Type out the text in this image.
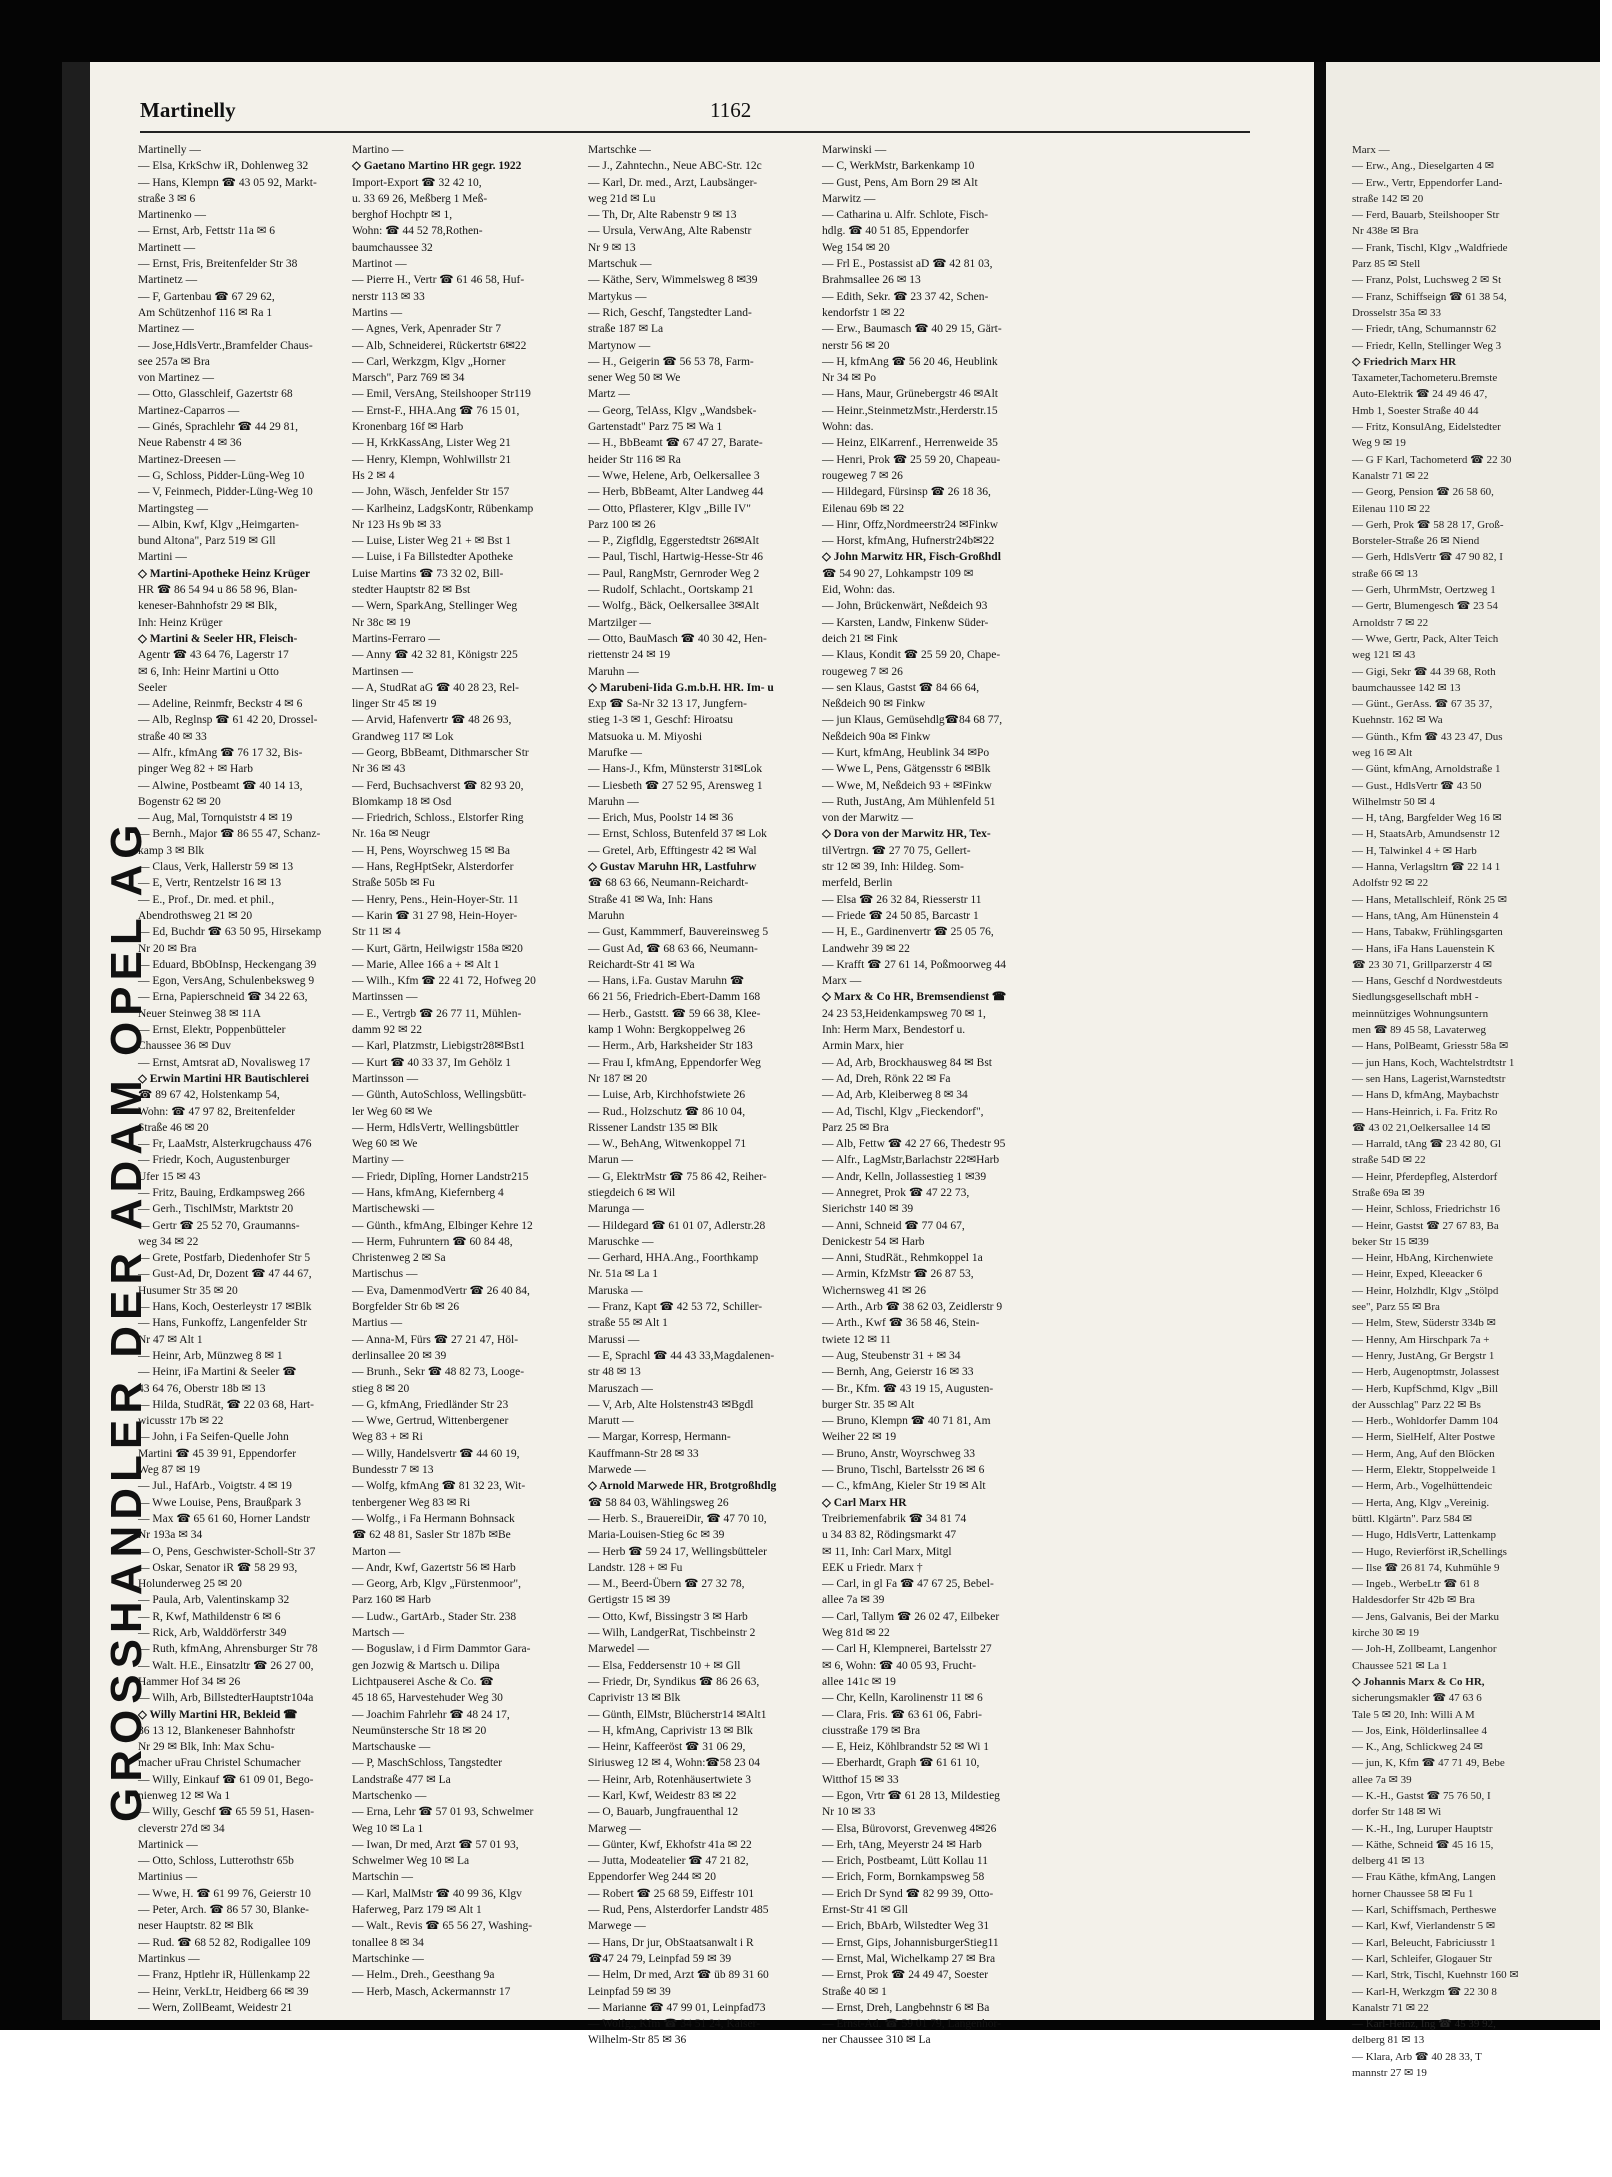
GROSSHANDLER DER ADAM OPEL AG
Martinelly	1162
Martinelly —
— Elsa, KrkSchw iR, Dohlenweg 32
— Hans, Klempn ☎ 43 05 92, Markt-
straße 3 ✉ 6
Martinenko —
— Ernst, Arb, Fettstr 11a ✉ 6
Martinett —
— Ernst, Fris, Breitenfelder Str 38
Martinetz —
— F, Gartenbau ☎ 67 29 62,
Am Schützenhof 116 ✉ Ra 1
Martinez —
— Jose,HdlsVertr.,Bramfelder Chaus-
see 257a ✉ Bra
von Martinez —
— Otto, Glasschleif, Gazertstr 68
Martinez-Caparros —
— Ginés, Sprachlehr ☎ 44 29 81,
Neue Rabenstr 4 ✉ 36
Martinez-Dreesen —
— G, Schloss, Pidder-Lüng-Weg 10
— V, Feinmech, Pidder-Lüng-Weg 10
Martingsteg —
— Albin, Kwf, Klgv „Heimgarten-
bund Altona", Parz 519 ✉ Gll
Martini —
◇ Martini-Apotheke Heinz Krüger
HR ☎ 86 54 94 u 86 58 96, Blan-
keneser-Bahnhofstr 29 ✉ Blk,
Inh: Heinz Krüger
◇ Martini & Seeler HR, Fleisch-
Agentr ☎ 43 64 76, Lagerstr 17
✉ 6, Inh: Heinr Martini u Otto
Seeler
— Adeline, Reinmfr, Beckstr 4 ✉ 6
— Alb, Reglnsp ☎ 61 42 20, Drossel-
straße 40 ✉ 33
— Alfr., kfmAng ☎ 76 17 32, Bis-
pinger Weg 82 + ✉ Harb
— Alwine, Postbeamt ☎ 40 14 13,
Bogenstr 62 ✉ 20
— Aug, Mal, Tornquiststr 4 ✉ 19
— Bernh., Major ☎ 86 55 47, Schanz-
kamp 3 ✉ Blk
— Claus, Verk, Hallerstr 59 ✉ 13
— E, Vertr, Rentzelstr 16 ✉ 13
— E., Prof., Dr. med. et phil.,
Abendrothsweg 21 ✉ 20
— Ed, Buchdr ☎ 63 50 95, Hirsekamp
Nr 20 ✉ Bra
— Eduard, BbObInsp, Heckengang 39
— Egon, VersAng, Schulenbeksweg 9
— Erna, Papierschneid ☎ 34 22 63,
Neuer Steinweg 38 ✉ 11A
— Ernst, Elektr, Poppenbütteler
Chaussee 36 ✉ Duv
— Ernst, Amtsrat aD, Novalisweg 17
◇ Erwin Martini HR Bautischlerei
☎ 89 67 42, Holstenkamp 54,
Wohn: ☎ 47 97 82, Breitenfelder
Straße 46 ✉ 20
— Fr, LaaMstr, Alsterkrugchauss 476
— Friedr, Koch, Augustenburger
Ufer 15 ✉ 43
— Fritz, Bauing, Erdkampsweg 266
— Gerh., TischlMstr, Marktstr 20
— Gertr ☎ 25 52 70, Graumanns-
weg 34 ✉ 22
— Grete, Postfarb, Diedenhofer Str 5
— Gust-Ad, Dr, Dozent ☎ 47 44 67,
Husumer Str 35 ✉ 20
— Hans, Koch, Oesterleystr 17 ✉Blk
— Hans, Funkoffz, Langenfelder Str
Nr 47 ✉ Alt 1
— Heinr, Arb, Münzweg 8 ✉ 1
— Heinr, iFa Martini & Seeler ☎
43 64 76, Oberstr 18b ✉ 13
— Hilda, StudRät, ☎ 22 03 68, Hart-
wicusstr 17b ✉ 22
— John, i Fa Seifen-Quelle John
Martini ☎ 45 39 91, Eppendorfer
Weg 87 ✉ 19
— Jul., HafArb., Voigtstr. 4 ✉ 19
— Wwe Louise, Pens, Braußpark 3
— Max ☎ 65 61 60, Horner Landstr
Nr 193a ✉ 34
— O, Pens, Geschwister-Scholl-Str 37
— Oskar, Senator iR ☎ 58 29 93,
Holunderweg 25 ✉ 20
— Paula, Arb, Valentinskamp 32
— R, Kwf, Mathildenstr 6 ✉ 6
— Rick, Arb, Walddörferstr 349
— Ruth, kfmAng, Ahrensburger Str 78
— Walt. H.E., Einsatzltr ☎ 26 27 00,
Hammer Hof 34 ✉ 26
— Wilh, Arb, BillstedterHauptstr104a
◇ Willy Martini HR, Bekleid ☎
86 13 12, Blankeneser Bahnhofstr
Nr 29 ✉ Blk, Inh: Max Schu-
macher uFrau Christel Schumacher
— Willy, Einkauf ☎ 61 09 01, Bego-
nienweg 12 ✉ Wa 1
— Willy, Geschf ☎ 65 59 51, Hasen-
cleverstr 27d ✉ 34
Martinick —
— Otto, Schloss, Lutterothstr 65b
Martinius —
— Wwe, H. ☎ 61 99 76, Geierstr 10
— Peter, Arch. ☎ 86 57 30, Blanke-
neser Hauptstr. 82 ✉ Blk
— Rud. ☎ 68 52 82, Rodigallee 109
Martinkus —
— Franz, Hptlehr iR, Hüllenkamp 22
— Heinr, VerkLtr, Heidberg 66 ✉ 39
— Wern, ZollBeamt, Weidestr 21
Martino —
◇ Gaetano Martino HR gegr. 1922
Import-Export ☎ 32 42 10,
u. 33 69 26, Meßberg 1 Meß-
berghof Hochptr ✉ 1,
Wohn: ☎ 44 52 78,Rothen-
baumchaussee 32
Martinot —
— Pierre H., Vertr ☎ 61 46 58, Huf-
nerstr 113 ✉ 33
Martins —
— Agnes, Verk, Apenrader Str 7
— Alb, Schneiderei, Rückertstr 6✉22
— Carl, Werkzgm, Klgv „Horner
Marsch", Parz 769 ✉ 34
— Emil, VersAng, Steilshooper Str119
— Ernst-F., HHA.Ang ☎ 76 15 01,
Kronenbarg 16f ✉ Harb
— H, KrkKassAng, Lister Weg 21
— Henry, Klempn, Wohlwillstr 21
Hs 2 ✉ 4
— John, Wäsch, Jenfelder Str 157
— Karlheinz, LadgsKontr, Rübenkamp
Nr 123 Hs 9b ✉ 33
— Luise, Lister Weg 21 + ✉ Bst 1
— Luise, i Fa Billstedter Apotheke
Luise Martins ☎ 73 32 02, Bill-
stedter Hauptstr 82 ✉ Bst
— Wern, SparkAng, Stellinger Weg
Nr 38c ✉ 19
Martins-Ferraro —
— Anny ☎ 42 32 81, Königstr 225
Martinsen —
— A, StudRat aG ☎ 40 28 23, Rel-
linger Str 45 ✉ 19
— Arvid, Hafenvertr ☎ 48 26 93,
Grandweg 117 ✉ Lok
— Georg, BbBeamt, Dithmarscher Str
Nr 36 ✉ 43
— Ferd, Buchsachverst ☎ 82 93 20,
Blomkamp 18 ✉ Osd
— Friedrich, Schloss., Elstorfer Ring
Nr. 16a ✉ Neugr
— H, Pens, Woyrschweg 15 ✉ Ba
— Hans, RegHptSekr, Alsterdorfer
Straße 505b ✉ Fu
— Henry, Pens., Hein-Hoyer-Str. 11
— Karin ☎ 31 27 98, Hein-Hoyer-
Str 11 ✉ 4
— Kurt, Gärtn, Heilwigstr 158a ✉20
— Marie, Allee 166 a + ✉ Alt 1
— Wilh., Kfm ☎ 22 41 72, Hofweg 20
Martinssen —
— E., Vertrgb ☎ 26 77 11, Mühlen-
damm 92 ✉ 22
— Karl, Platzmstr, Liebigstr28✉Bst1
— Kurt ☎ 40 33 37, Im Gehölz 1
Martinsson —
— Günth, AutoSchloss, Wellingsbütt-
ler Weg 60 ✉ We
— Herm, HdlsVertr, Wellingsbüttler
Weg 60 ✉ We
Martiny —
— Friedr, Diplîng, Horner Landstr215
— Hans, kfmAng, Kiefernberg 4
Martischewski —
— Günth., kfmAng, Elbinger Kehre 12
— Herm, Fuhruntern ☎ 60 84 48,
Christenweg 2 ✉ Sa
Martischus —
— Eva, DamenmodVertr ☎ 26 40 84,
Borgfelder Str 6b ✉ 26
Martius —
— Anna-M, Fürs ☎ 27 21 47, Höl-
derlinsallee 20 ✉ 39
— Brunh., Sekr ☎ 48 82 73, Looge-
stieg 8 ✉ 20
— G, kfmAng, Friedländer Str 23
— Wwe, Gertrud, Wittenbergener
Weg 83 + ✉ Ri
— Willy, Handelsvertr ☎ 44 60 19,
Bundesstr 7 ✉ 13
— Wolfg, kfmAng ☎ 81 32 23, Wit-
tenbergener Weg 83 ✉ Ri
— Wolfg., i Fa Hermann Bohnsack
☎ 62 48 81, Sasler Str 187b ✉Be
Marton —
— Andr, Kwf, Gazertstr 56 ✉ Harb
— Georg, Arb, Klgv „Fürstenmoor",
Parz 160 ✉ Harb
— Ludw., GartArb., Stader Str. 238
Martsch —
— Boguslaw, i d Firm Dammtor Gara-
gen Jozwig & Martsch u. Dilipa
Lichtpauserei Asche & Co. ☎
45 18 65, Harvestehuder Weg 30
— Joachim Fahrlehr ☎ 48 24 17,
Neumünstersche Str 18 ✉ 20
Martschauske —
— P, MaschSchloss, Tangstedter
Landstraße 477 ✉ La
Martschenko —
— Erna, Lehr ☎ 57 01 93, Schwelmer
Weg 10 ✉ La 1
— Iwan, Dr med, Arzt ☎ 57 01 93,
Schwelmer Weg 10 ✉ La
Martschin —
— Karl, MalMstr ☎ 40 99 36, Klgv
Haferweg, Parz 179 ✉ Alt 1
— Walt., Revis ☎ 65 56 27, Washing-
tonallee 8 ✉ 34
Martschinke —
— Helm., Dreh., Geesthang 9a
— Herb, Masch, Ackermannstr 17
Martschke —
— J., Zahntechn., Neue ABC-Str. 12c
— Karl, Dr. med., Arzt, Laubsänger-
weg 21d ✉ Lu
— Th, Dr, Alte Rabenstr 9 ✉ 13
— Ursula, VerwAng, Alte Rabenstr
Nr 9 ✉ 13
Martschuk —
— Käthe, Serv, Wimmelsweg 8 ✉39
Martykus —
— Rich, Geschf, Tangstedter Land-
straße 187 ✉ La
Martynow —
— H., Geigerin ☎ 56 53 78, Farm-
sener Weg 50 ✉ We
Martz —
— Georg, TelAss, Klgv „Wandsbek-
Gartenstadt" Parz 75 ✉ Wa 1
— H., BbBeamt ☎ 67 47 27, Barate-
heider Str 116 ✉ Ra
— Wwe, Helene, Arb, Oelkersallee 3
— Herb, BbBeamt, Alter Landweg 44
— Otto, Pflasterer, Klgv „Bille IV"
Parz 100 ✉ 26
— P., Zigfldlg, Eggerstedtstr 26✉Alt
— Paul, Tischl, Hartwig-Hesse-Str 46
— Paul, RangMstr, Gernroder Weg 2
— Rudolf, Schlacht., Oortskamp 21
— Wolfg., Bäck, Oelkersallee 3✉Alt
Martzilger —
— Otto, BauMasch ☎ 40 30 42, Hen-
riettenstr 24 ✉ 19
Maruhn —
◇ Marubeni-Iida G.m.b.H. HR. Im- u
Exp ☎ Sa-Nr 32 13 17, Jungfern-
stieg 1-3 ✉ 1, Geschf: Hiroatsu
Matsuoka u. M. Miyoshi
Marufke —
— Hans-J., Kfm, Münsterstr 31✉Lok
— Liesbeth ☎ 27 52 95, Arensweg 1
Maruhn —
— Erich, Mus, Poolstr 14 ✉ 36
— Ernst, Schloss, Butenfeld 37 ✉ Lok
— Gretel, Arb, Efftingestr 42 ✉ Wal
◇ Gustav Maruhn HR, Lastfuhrw
☎ 68 63 66, Neumann-Reichardt-
Straße 41 ✉ Wa, Inh: Hans
Maruhn
— Gust, Kammmerf, Bauvereinsweg 5
— Gust Ad, ☎ 68 63 66, Neumann-
Reichardt-Str 41 ✉ Wa
— Hans, i.Fa. Gustav Maruhn ☎
66 21 56, Friedrich-Ebert-Damm 168
— Herb., Gaststt. ☎ 59 66 38, Klee-
kamp 1 Wohn: Bergkoppelweg 26
— Herm., Arb, Harksheider Str 183
— Frau I, kfmAng, Eppendorfer Weg
Nr 187 ✉ 20
— Luise, Arb, Kirchhofstwiete 26
— Rud., Holzschutz ☎ 86 10 04,
Rissener Landstr 135 ✉ Blk
— W., BehAng, Witwenkoppel 71
Marun —
— G, ElektrMstr ☎ 75 86 42, Reiher-
stiegdeich 6 ✉ Wil
Marunga —
— Hildegard ☎ 61 01 07, Adlerstr.28
Maruschke —
— Gerhard, HHA.Ang., Foorthkamp
Nr. 51a ✉ La 1
Maruska —
— Franz, Kapt ☎ 42 53 72, Schiller-
straße 55 ✉ Alt 1
Marussi —
— E, Sprachl ☎ 44 43 33,Magdalenen-
str 48 ✉ 13
Maruszach —
— V, Arb, Alte Holstenstr43 ✉Bgdl
Marutt —
— Margar, Korresp, Hermann-
Kauffmann-Str 28 ✉ 33
Marwede —
◇ Arnold Marwede HR, Brotgroßhdlg
☎ 58 84 03, Wählingsweg 26
— Herb. S., BrauereiDir, ☎ 47 70 10,
Maria-Louisen-Stieg 6c ✉ 39
— Herb ☎ 59 24 17, Wellingsbütteler
Landstr. 128 + ✉ Fu
— M., Beerd-Übern ☎ 27 32 78,
Gertigstr 15 ✉ 39
— Otto, Kwf, Bissingstr 3 ✉ Harb
— Wilh, LandgerRat, Tischbeinstr 2
Marwedel —
— Elsa, Feddersenstr 10 + ✉ Gll
— Friedr, Dr, Syndikus ☎ 86 26 63,
Caprivistr 13 ✉ Blk
— Günth, ElMstr, Blücherstr14 ✉Alt1
— H, kfmAng, Caprivistr 13 ✉ Blk
— Heinr, Kaffeeröst ☎ 31 06 29,
Siriusweg 12 ✉ 4, Wohn:☎58 23 04
— Heinr, Arb, Rotenhäusertwiete 3
— Karl, Kwf, Weidestr 83 ✉ 22
— O, Bauarb, Jungfrauenthal 12
Marweg —
— Günter, Kwf, Ekhofstr 41a ✉ 22
— Jutta, Modeatelier ☎ 47 21 82,
Eppendorfer Weg 244 ✉ 20
— Robert ☎ 25 68 59, Eiffestr 101
— Rud, Pens, Alsterdorfer Landstr 485
Marwege —
— Hans, Dr jur, ObStaatsanwalt i R
☎47 24 79, Leinpfad 59 ✉ 39
— Helm, Dr med, Arzt ☎ üb 89 31 60
Leinpfad 59 ✉ 39
— Marianne ☎ 47 99 01, Leinpfad73
— Wolfg., Kfm ☎ 34 51 24, Kaiser-
Wilhelm-Str 85 ✉ 36
Marwinski —
— C, WerkMstr, Barkenkamp 10
— Gust, Pens, Am Born 29 ✉ Alt
Marwitz —
— Catharina u. Alfr. Schlote, Fisch-
hdlg. ☎ 40 51 85, Eppendorfer
Weg 154 ✉ 20
— Frl E., Postassist aD ☎ 42 81 03,
Brahmsallee 26 ✉ 13
— Edith, Sekr. ☎ 23 37 42, Schen-
kendorfstr 1 ✉ 22
— Erw., Baumasch ☎ 40 29 15, Gärt-
nerstr 56 ✉ 20
— H, kfmAng ☎ 56 20 46, Heublink
Nr 34 ✉ Po
— Hans, Maur, Grünebergstr 46 ✉Alt
— Heinr.,SteinmetzMstr.,Herderstr.15
Wohn: das.
— Heinz, ElKarrenf., Herrenweide 35
— Henri, Prok ☎ 25 59 20, Chapeau-
rougeweg 7 ✉ 26
— Hildegard, Fürsinsp ☎ 26 18 36,
Eilenau 69b ✉ 22
— Hinr, Offz,Nordmeerstr24 ✉Finkw
— Horst, kfmAng, Hufnerstr24b✉22
◇ John Marwitz HR, Fisch-Großhdl
☎ 54 90 27, Lohkampstr 109 ✉
Eid, Wohn: das.
— John, Brückenwärt, Neßdeich 93
— Karsten, Landw, Finkenw Süder-
deich 21 ✉ Fink
— Klaus, Kondit ☎ 25 59 20, Chape-
rougeweg 7 ✉ 26
— sen Klaus, Gastst ☎ 84 66 64,
Neßdeich 90 ✉ Finkw
— jun Klaus, Gemüsehdlg☎84 68 77,
Neßdeich 90a ✉ Finkw
— Kurt, kfmAng, Heublink 34 ✉Po
— Wwe L, Pens, Gätgensstr 6 ✉Blk
— Wwe, M, Neßdeich 93 + ✉Finkw
— Ruth, JustAng, Am Mühlenfeld 51
von der Marwitz —
◇ Dora von der Marwitz HR, Tex-
tilVertrgn. ☎ 27 70 75, Gellert-
str 12 ✉ 39, Inh: Hildeg. Som-
merfeld, Berlin
— Elsa ☎ 26 32 84, Riesserstr 11
— Friede ☎ 24 50 85, Barcastr 1
— H, E., Gardinenvertr ☎ 25 05 76,
Landwehr 39 ✉ 22
— Krafft ☎ 27 61 14, Poßmoorweg 44
Marx —
◇ Marx & Co HR, Bremsendienst ☎
24 23 53,Heidenkampsweg 70 ✉ 1,
Inh: Herm Marx, Bendestorf u.
Armin Marx, hier
— Ad, Arb, Brockhausweg 84 ✉ Bst
— Ad, Dreh, Rönk 22 ✉ Fa
— Ad, Arb, Kleiberweg 8 ✉ 34
— Ad, Tischl, Klgv „Fieckendorf",
Parz 25 ✉ Bra
— Alb, Fettw ☎ 42 27 66, Thedestr 95
— Alfr., LagMstr,Barlachstr 22✉Harb
— Andr, Kelln, Jollassestieg 1 ✉39
— Annegret, Prok ☎ 47 22 73,
Sierichstr 140 ✉ 39
— Anni, Schneid ☎ 77 04 67,
Denickestr 54 ✉ Harb
— Anni, StudRät., Rehmkoppel 1a
— Armin, KfzMstr ☎ 26 87 53,
Wichernsweg 41 ✉ 26
— Arth., Arb ☎ 38 62 03, Zeidlerstr 9
— Arth., Kwf ☎ 36 58 46, Stein-
twiete 12 ✉ 11
— Aug, Steubenstr 31 + ✉ 34
— Bernh, Ang, Geierstr 16 ✉ 33
— Br., Kfm. ☎ 43 19 15, Augusten-
burger Str. 35 ✉ Alt
— Bruno, Klempn ☎ 40 71 81, Am
Weiher 22 ✉ 19
— Bruno, Anstr, Woyrschweg 33
— Bruno, Tischl, Bartelsstr 26 ✉ 6
— C., kfmAng, Kieler Str 19 ✉ Alt
◇ Carl Marx HR
Treibriemenfabrik ☎ 34 81 74
u 34 83 82, Rödingsmarkt 47
✉ 11, Inh: Carl Marx, Mitgl
EEK u Friedr. Marx †
— Carl, in gl Fa ☎ 47 67 25, Bebel-
allee 7a ✉ 39
— Carl, Tallym ☎ 26 02 47, Eilbeker
Weg 81d ✉ 22
— Carl H, Klempnerei, Bartelsstr 27
✉ 6, Wohn: ☎ 40 05 93, Frucht-
allee 141c ✉ 19
— Chr, Kelln, Karolinenstr 11 ✉ 6
— Clara, Fris. ☎ 63 61 06, Fabri-
ciusstraße 179 ✉ Bra
— E, Heiz, Köhlbrandstr 52 ✉ Wi 1
— Eberhardt, Graph ☎ 61 61 10,
Witthof 15 ✉ 33
— Egon, Vrtr ☎ 61 28 13, Mildestieg
Nr 10 ✉ 33
— Elsa, Bürovorst, Grevenweg 4✉26
— Erh, tAng, Meyerstr 24 ✉ Harb
— Erich, Postbeamt, Lütt Kollau 11
— Erich, Form, Bornkampsweg 58
— Erich Dr Synd ☎ 82 99 39, Otto-
Ernst-Str 41 ✉ Gll
— Erich, BbArb, Wilstedter Weg 31
— Ernst, Gips, JohannisburgerStieg11
— Ernst, Mal, Wichelkamp 27 ✉ Bra
— Ernst, Prok ☎ 24 49 47, Soester
Straße 40 ✉ 1
— Ernst, Dreh, Langbehnstr 6 ✉ Ba
— Ernst-Ad. ☎ 59 01 79, Langenhor-
ner Chaussee 310 ✉ La
Marx —
— Erw., Ang., Dieselgarten 4 ✉
— Erw., Vertr, Eppendorfer Land-
straße 142 ✉ 20
— Ferd, Bauarb, Steilshooper Str
Nr 438e ✉ Bra
— Frank, Tischl, Klgv „Waldfriede
Parz 85 ✉ Stell
— Franz, Polst, Luchsweg 2 ✉ St
— Franz, Schiffseign ☎ 61 38 54,
Drosselstr 35a ✉ 33
— Friedr, tAng, Schumannstr 62
— Friedr, Kelln, Stellinger Weg 3
◇ Friedrich Marx HR
Taxameter,Tachometeru.Bremste
Auto-Elektrik ☎ 24 49 46 47,
Hmb 1, Soester Straße 40 44
— Fritz, KonsulAng, Eidelstedter
Weg 9 ✉ 19
— G F Karl, Tachometerd ☎ 22 30
Kanalstr 71 ✉ 22
— Georg, Pension ☎ 26 58 60,
Eilenau 110 ✉ 22
— Gerh, Prok ☎ 58 28 17, Groß-
Borsteler-Straße 26 ✉ Niend
— Gerh, HdlsVertr ☎ 47 90 82, I
straße 66 ✉ 13
— Gerh, UhrmMstr, Oertzweg 1
— Gertr, Blumengesch ☎ 23 54
Arnoldstr 7 ✉ 22
— Wwe, Gertr, Pack, Alter Teich
weg 121 ✉ 43
— Gigi, Sekr ☎ 44 39 68, Roth
baumchaussee 142 ✉ 13
— Günt., GerAss. ☎ 67 35 37,
Kuehnstr. 162 ✉ Wa
— Günth., Kfm ☎ 43 23 47, Dus
weg 16 ✉ Alt
— Günt, kfmAng, Arnoldstraße 1
— Gust., HdlsVertr ☎ 43 50
Wilhelmstr 50 ✉ 4
— H, tAng, Bargfelder Weg 16 ✉
— H, StaatsArb, Amundsenstr 12
— H, Talwinkel 4 + ✉ Harb
— Hanna, Verlagsltrn ☎ 22 14 1
Adolfstr 92 ✉ 22
— Hans, Metallschleif, Rönk 25 ✉
— Hans, tAng, Am Hünenstein 4
— Hans, Tabakw, Frühlingsgarten
— Hans, iFa Hans Lauenstein K
☎ 23 30 71, Grillparzerstr 4 ✉
— Hans, Geschf d Nordwestdeuts
Siedlungsgesellschaft mbH -
meinnütziges Wohnungsuntern
men ☎ 89 45 58, Lavaterweg
— Hans, PolBeamt, Griesstr 58a ✉
— jun Hans, Koch, Wachtelstrdtstr 1
— sen Hans, Lagerist,Warnstedtstr
— Hans D, kfmAng, Maybachstr
— Hans-Heinrich, i. Fa. Fritz Ro
☎ 43 02 21,Oelkersallee 14 ✉
— Harrald, tAng ☎ 23 42 80, Gl
straße 54D ✉ 22
— Heinr, Pferdepfleg, Alsterdorf
Straße 69a ✉ 39
— Heinr, Schloss, Friedrichstr 16
— Heinr, Gastst ☎ 27 67 83, Ba
beker Str 15 ✉39
— Heinr, HbAng, Kirchenwiete
— Heinr, Exped, Kleeacker 6
— Heinr, Holzhdlr, Klgv „Stölpd
see", Parz 55 ✉ Bra
— Helm, Stew, Süderstr 334b ✉
— Henny, Am Hirschpark 7a +
— Henry, JustAng, Gr Bergstr 1
— Herb, Augenoptmstr, Jolassest
— Herb, KupfSchmd, Klgv „Bill
der Ausschlag" Parz 22 ✉ Bs
— Herb., Wohldorfer Damm 104
— Herm, SielHelf, Alter Postwe
— Herm, Ang, Auf den Blöcken
— Herm, Elektr, Stoppelweide 1
— Herm, Arb., Vogelhüttendeic
— Herta, Ang, Klgv „Vereinig.
büttl. Klgärtn". Parz 584 ✉
— Hugo, HdlsVertr, Lattenkamp
— Hugo, Revierförst iR,Schellings
— Ilse ☎ 26 81 74, Kuhmühle 9
— Ingeb., WerbeLtr ☎ 61 8
Haldesdorfer Str 42b ✉ Bra
— Jens, Galvanis, Bei der Marku
kirche 30 ✉ 19
— Joh-H, Zollbeamt, Langenhor
Chaussee 521 ✉ La 1
◇ Johannis Marx & Co HR,
sicherungsmakler ☎ 47 63 6
Tale 5 ✉ 20, Inh: Willi A M
— Jos, Eink, Hölderlinsallee 4
— K., Ang, Schlickweg 24 ✉
— jun, K, Kfm ☎ 47 71 49, Bebe
allee 7a ✉ 39
— K.-H., Gastst ☎ 75 76 50, I
dorfer Str 148 ✉ Wi
— K.-H., Ing, Luruper Hauptstr
— Käthe, Schneid ☎ 45 16 15,
delberg 41 ✉ 13
— Frau Käthe, kfmAng, Langen
horner Chaussee 58 ✉ Fu 1
— Karl, Schiffsmach, Pertheswe
— Karl, Kwf, Vierlandenstr 5 ✉
— Karl, Beleucht, Fabriciusstr 1
— Karl, Schleifer, Glogauer Str
— Karl, Strk, Tischl, Kuehnstr 160 ✉
— Karl-H, Werkzgm ☎ 22 30 8
Kanalstr 71 ✉ 22
— Karl-Heinz, Ing ☎ 45 39 92,
delberg 81 ✉ 13
— Klara, Arb ☎ 40 28 33, T
mannstr 27 ✉ 19
